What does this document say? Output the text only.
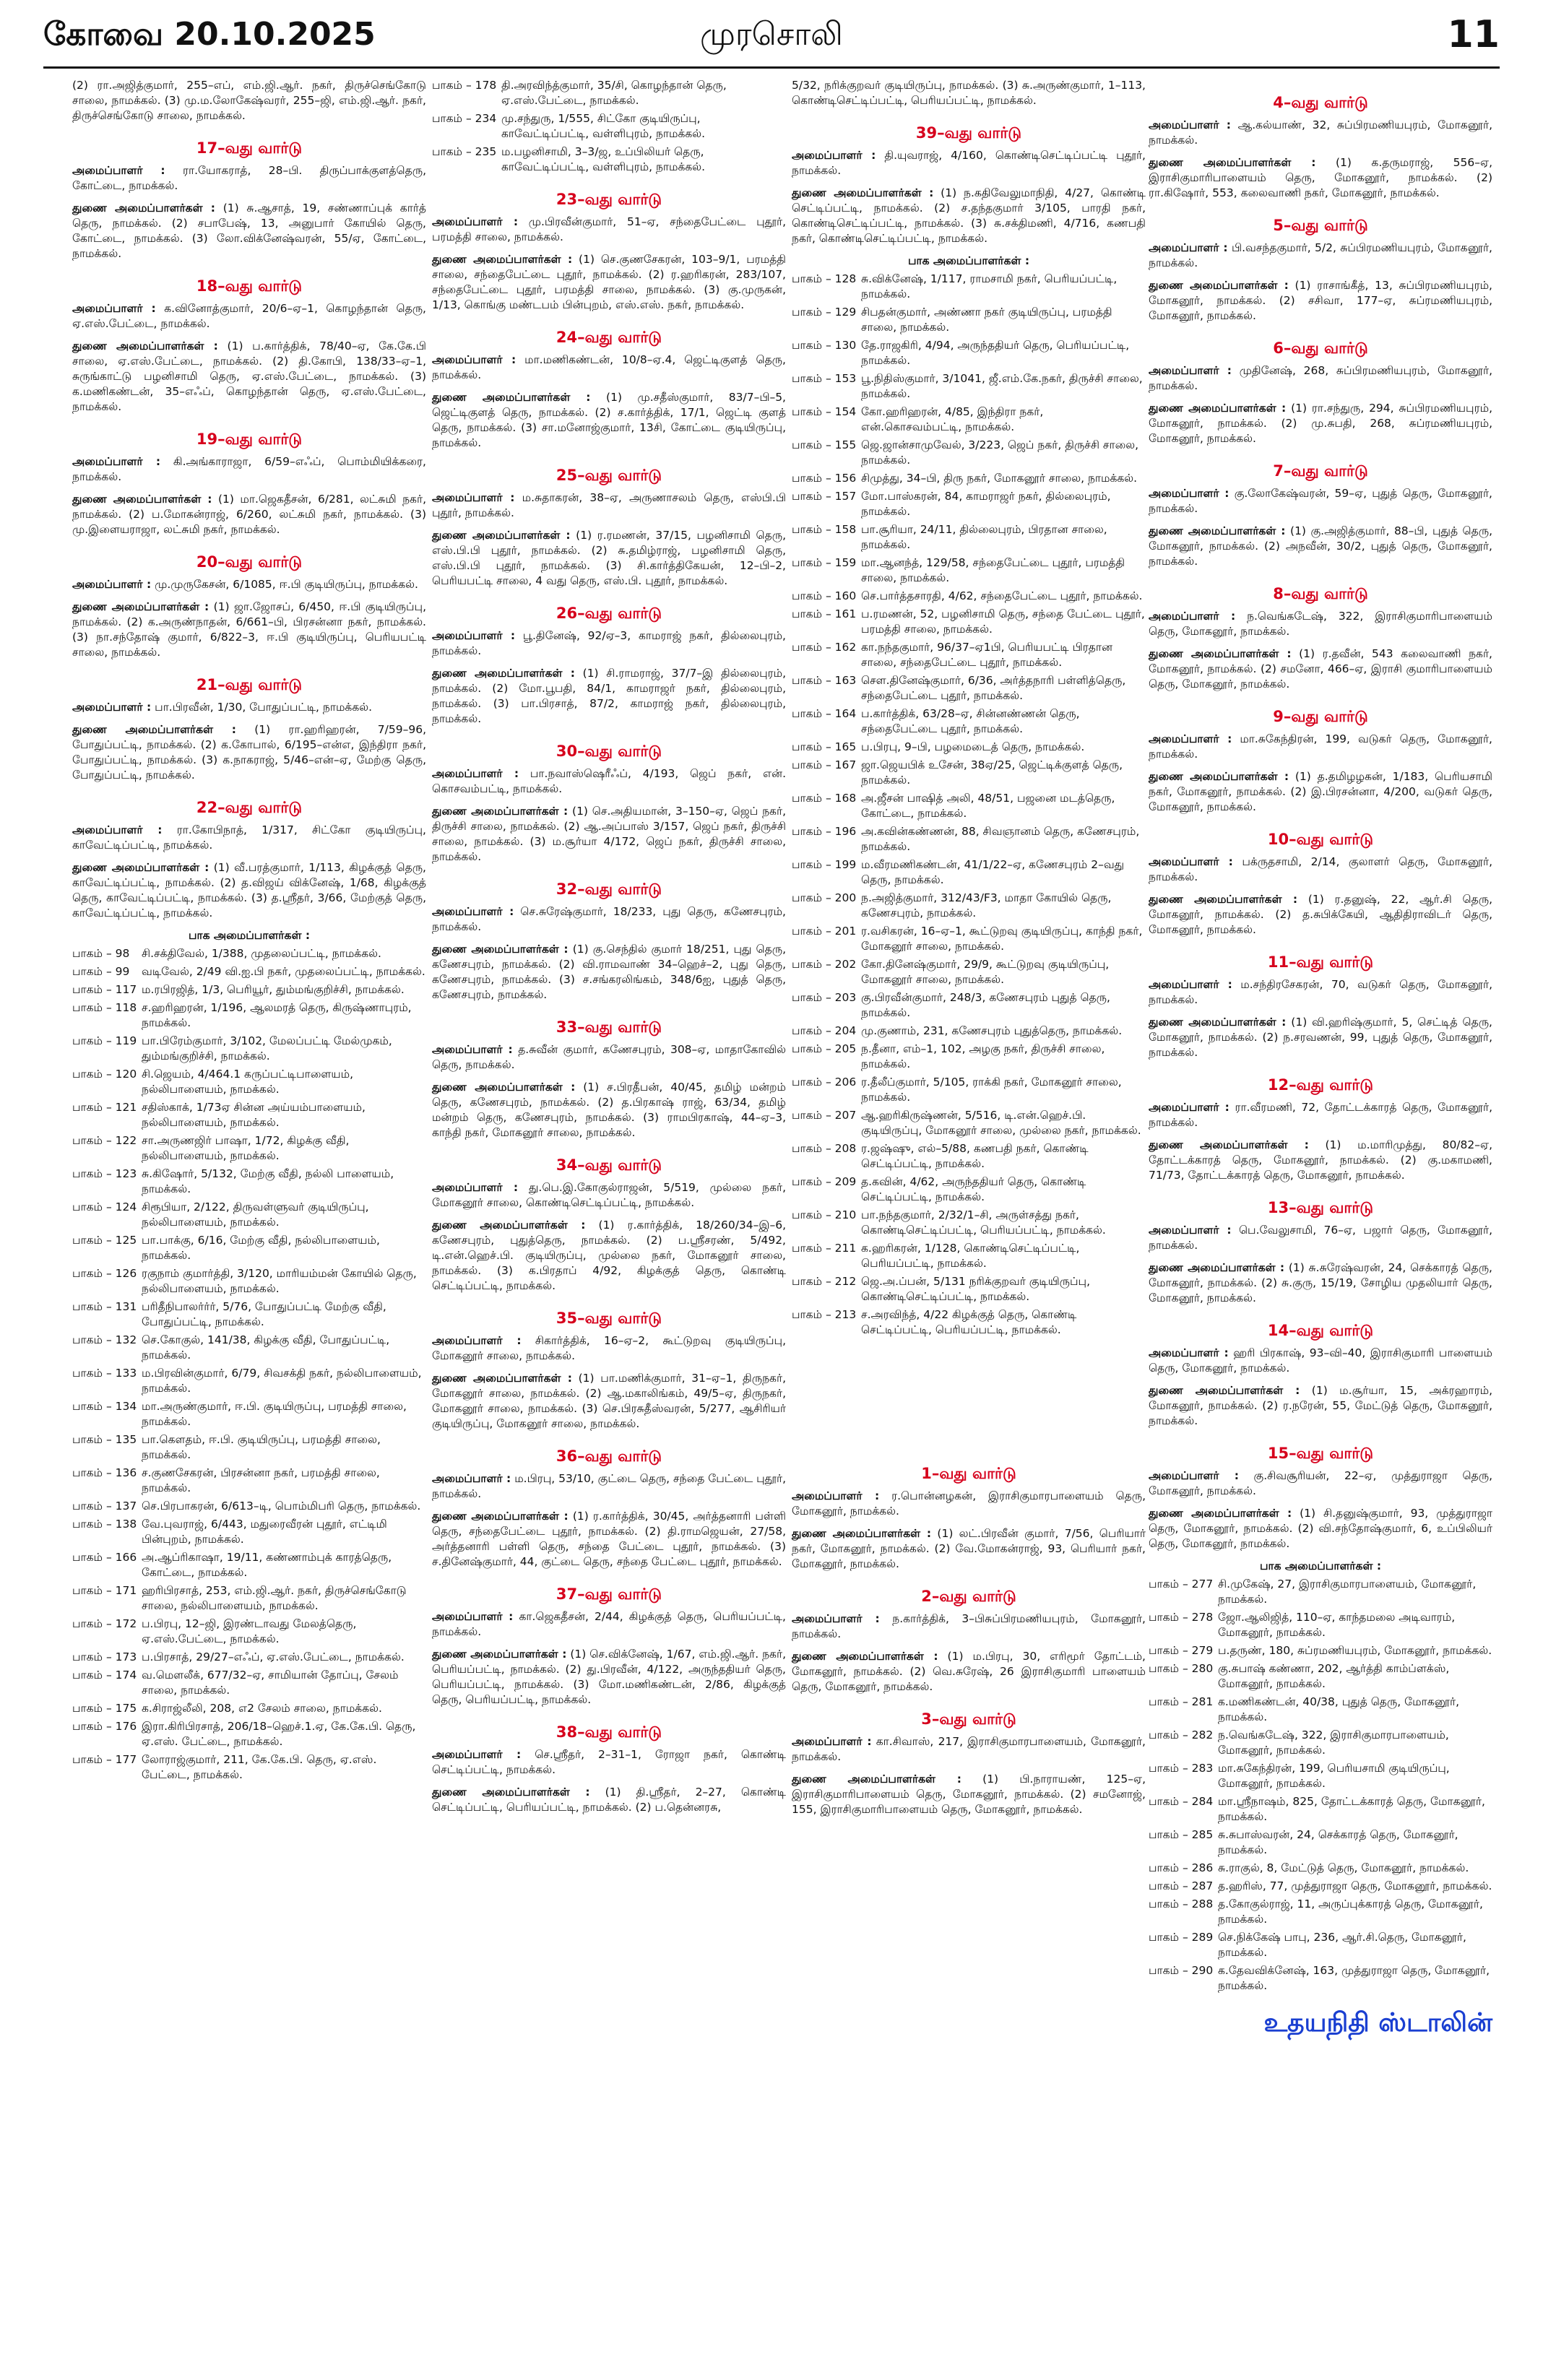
கோவை 20.10.2025	முரசொலி	11

(2) ரா.அஜித்குமார், 255–எப், எம்.ஜி.ஆர். நகர், திருச்செங்கோடு சாலை, நாமக்கல். (3) மு.ம.லோகேஷ்வரர், 255–ஜி, எம்.ஜி.ஆர். நகர், திருச்செங்கோடு சாலை, நாமக்கல்.

17–வது வார்டு

அமைப்பாளர் : ரா.யோகராத், 28–பி. திருப்பாக்குளத்தெரு, கோட்டை, நாமக்கல்.

துணை அமைப்பாளர்கள் : (1) சு.ஆசாத், 19, சண்ணாப்புக் கார்த் தெரு, நாமக்கல். (2) சபாபேஷ், 13, அனுபார் கோயில் தெரு, கோட்டை, நாமக்கல். (3) லோ.விக்னேஷ்வரன், 55/ஏ, கோட்டை, நாமக்கல்.

18–வது வார்டு

அமைப்பாளர் : க.வினோத்குமார், 20/6–ஏ–1, கொழந்தான் தெரு, ஏ.எஸ்.பேட்டை, நாமக்கல்.

துணை அமைப்பாளர்கள் : (1) ப.கார்த்திக், 78/40–ஏ, கே.கே.பி சாலை, ஏ.எஸ்.பேட்டை, நாமக்கல். (2) தி.கோபி, 138/33–ஏ–1, சுருங்காட்டு பழனிசாமி தெரு, ஏ.எஸ்.பேட்டை, நாமக்கல். (3) க.மணிகண்டன், 35–எஃப், கொழந்தான் தெரு, ஏ.எஸ்.பேட்டை, நாமக்கல்.

19–வது வார்டு

அமைப்பாளர் : கி.அங்காராஜா, 6/59–எஃப், பொம்மியிக்கரை, நாமக்கல்.

துணை அமைப்பாளர்கள் : (1) மா.ஜெகதீசன், 6/281, லட்சுமி நகர், நாமக்கல். (2) ப.மோகன்ராஜ், 6/260, லட்சுமி நகர், நாமக்கல். (3) மு.இளையராஜா, லட்சுமி நகர், நாமக்கல்.

20–வது வார்டு

அமைப்பாளர் : மு.முருகேசன், 6/1085, ஈ.பி குடியிருப்பு, நாமக்கல்.

துணை அமைப்பாளர்கள் : (1) ஜா.ஜோசப், 6/450, ஈ.பி குடியிருப்பு, நாமக்கல். (2) க.அருண்நாதன், 6/661–பி, பிரசன்னா நகர், நாமக்கல். (3) நா.சந்தோஷ் குமார், 6/822–3, ஈ.பி குடியிருப்பு, பெரியபட்டி சாலை, நாமக்கல்.

21–வது வார்டு

அமைப்பாளர் : பா.பிரவீன், 1/30, போதுப்பட்டி, நாமக்கல்.

துணை அமைப்பாளர்கள் : (1) ரா.ஹரிஹரன், 7/59–96, போதுப்பட்டி, நாமக்கல். (2) க.கோபால், 6/195–என்எ, இந்திரா நகர், போதுப்பட்டி, நாமக்கல். (3) க.நாகராஜ், 5/46–என்–ஏ, மேற்கு தெரு, போதுப்பட்டி, நாமக்கல்.

22–வது வார்டு

அமைப்பாளர் : ரா.கோபிநாத், 1/317, சிட்கோ குடியிருப்பு, காவேட்டிப்பட்டி, நாமக்கல்.

துணை அமைப்பாளர்கள் : (1) வீ.பரத்குமார், 1/113, கிழக்குத் தெரு, காவேட்டிப்பட்டி, நாமக்கல். (2) த.விஜய் விக்னேஷ், 1/68, கிழக்குத் தெரு, காவேட்டிப்பட்டி, நாமக்கல். (3) த.ஸ்ரீதர், 3/66, மேற்குத் தெரு, காவேட்டிப்பட்டி, நாமக்கல்.

பாக அமைப்பாளர்கள் :
பாகம் – 98	சி.சக்திவேல், 1/388, முதலைப்பட்டி, நாமக்கல்.
பாகம் – 99	வடிவேல், 2/49 வி.ஐ.பி நகர், முதலைப்பட்டி, நாமக்கல்.
பாகம் – 117 ம.ரபிரஜித், 1/3, பெரியூர், தும்மங்குறிச்சி, நாமக்கல்.
பாகம் – 118 ச.ஹரிஹரன், 1/196, ஆலமரத் தெரு, கிருஷ்ணாபுரம், நாமக்கல்.
பாகம் – 119 பா.பிரேம்குமார், 3/102, மேலப்பட்டி மேல்முகம், தும்மங்குறிச்சி, நாமக்கல்.
பாகம் – 120 சி.ஜெயம், 4/464.1 கருப்பட்டிபாளையம், நல்லிபாளையம், நாமக்கல்.
பாகம் – 121 சதிஸ்காக், 1/73ஏ சின்ன அய்யம்பாளையம், நல்லிபாளையம், நாமக்கல்.
பாகம் – 122 சா.அருணஜிர் பாஷா, 1/72, கிழக்கு வீதி, நல்லிபாளையம், நாமக்கல்.
பாகம் – 123 சு.கிஷோர், 5/132, மேற்கு வீதி, நல்லி பாளையம், நாமக்கல்.
பாகம் – 124 சிரூபியா, 2/122, திருவள்ளுவர் குடியிருப்பு, நல்லிபாளையம், நாமக்கல்.
பாகம் – 125 பா.பாக்கு, 6/16, மேற்கு வீதி, நல்லிபாளையம், நாமக்கல்.
பாகம் – 126 ரகுநாம் குமார்த்தி, 3/120, மாரியம்மன் கோயில் தெரு, நல்லிபாளையம், நாமக்கல்.
பாகம் – 131 பரிதீநிபாலர்ர்ர், 5/76, போதுப்பட்டி மேற்கு வீதி, போதுப்பட்டி, நாமக்கல்.
பாகம் – 132 செ.கோகுல், 141/38, கிழக்கு வீதி, போதுப்பட்டி, நாமக்கல்.
பாகம் – 133 ம.பிரவின்குமார், 6/79, சிவசக்தி நகர், நல்லிபாளையம், நாமக்கல்.
பாகம் – 134 மா.அருண்குமார், ஈ.பி. குடியிருப்பு, பரமத்தி சாலை, நாமக்கல்.
பாகம் – 135 பா.கௌதம், ஈ.பி. குடியிருப்பு, பரமத்தி சாலை, நாமக்கல்.
பாகம் – 136 ச.குணசேகரன், பிரசன்னா நகர், பரமத்தி சாலை, நாமக்கல்.
பாகம் – 137 செ.பிரபாகரன், 6/613–டி, பொம்மிபரி தெரு, நாமக்கல்.
பாகம் – 138 வே.புவராஜ், 6/443, மதுரைவீரன் புதூர், எட்டிமி பின்புறம், நாமக்கல்.
பாகம் – 166 அ.ஆப்ரிகாஷா, 19/11, கண்ணாம்புக் காரத்தெரு, கோட்டை, நாமக்கல்.
பாகம் – 171 ஹரிபிரசாத், 253, எம்.ஜி.ஆர். நகர், திருச்செங்கோடு சாலை, நல்லிபாளையம், நாமக்கல்.
பாகம் – 172 ப.பிரபு, 12–ஜி, இரண்டாவது மேலத்தெரு, ஏ.எஸ்.பேட்டை, நாமக்கல்.
பாகம் – 173 ப.பிரசாத், 29/27–எஃப், ஏ.எஸ்.பேட்டை, நாமக்கல்.
பாகம் – 174 வ.மௌலீக், 677/32–ஏ, சாமியான் தோப்பு, சேலம் சாலை, நாமக்கல்.
பாகம் – 175 க.சிராஜ்லீலி, 208, எ2 சேலம் சாலை, நாமக்கல்.
பாகம் – 176 இரா.கிரிபிரசாத், 206/18–ஹெச்.1.ஏ, கே.கே.பி. தெரு, ஏ.எஸ். பேட்டை, நாமக்கல்.
பாகம் – 177 லோராஜ்குமார், 211, கே.கே.பி. தெரு, ஏ.எஸ். பேட்டை, நாமக்கல்.
பாகம் – 178 தி.அரவிந்த்குமார், 35/சி, கொழந்தான் தெரு, ஏ.எஸ்.பேட்டை, நாமக்கல்.
பாகம் – 234 மு.சந்துரு, 1/555, சிட்கோ குடியிருப்பு, காவேட்டிப்பட்டி, வள்ளிபுரம், நாமக்கல்.
பாகம் – 235 ம.பழனிசாமி, 3–3/ஜ, உப்பிலியர் தெரு, காவேட்டிப்பட்டி, வள்ளிபுரம், நாமக்கல்.
23–வது வார்டு

அமைப்பாளர் : மு.பிரவீன்குமார், 51–ஏ, சந்தைபேட்டை புதூர், பரமத்தி சாலை, நாமக்கல்.

துணை அமைப்பாளர்கள் : (1) செ.குணசேகரன், 103–9/1, பரமத்தி சாலை, சந்தைபேட்டை புதூர், நாமக்கல். (2) ர.ஹரிகரன், 283/107, சந்தைபேட்டை புதூர், பரமத்தி சாலை, நாமக்கல். (3) கு.முருகன், 1/13, கொங்கு மண்டபம் பின்புறம், எஸ்.எஸ். நகர், நாமக்கல்.

24–வது வார்டு

அமைப்பாளர் : மா.மணிகண்டன், 10/8–ஏ.4, ஜெட்டிகுளத் தெரு, நாமக்கல்.

துணை அமைப்பாளர்கள் : (1) மு.சதீஸ்குமார், 83/7–பி–5, ஜெட்டிகுளத் தெரு, நாமக்கல். (2) ச.கார்த்திக், 17/1, ஜெட்டி குளத் தெரு, நாமக்கல். (3) சா.மனோஜ்குமார், 13சி, கோட்டை குடியிருப்பு, நாமக்கல்.

25–வது வார்டு

அமைப்பாளர் : ம.சுதாகரன், 38–ஏ, அருணாசலம் தெரு, எஸ்பி.பி புதூர், நாமக்கல்.

துணை அமைப்பாளர்கள் : (1) ர.ரமணன், 37/15, பழனிசாமி தெரு, எஸ்.பி.பி புதூர், நாமக்கல். (2) சு.தமிழ்ராஜ், பழனிசாமி தெரு, எஸ்.பி.பி புதூர், நாமக்கல். (3) சி.கார்த்திகேயன், 12–பி–2, பெரியபட்டி சாலை, 4 வது தெரு, எஸ்.பி. புதூர், நாமக்கல்.

26–வது வார்டு

அமைப்பாளர் : பூ.தினேஷ், 92/ஏ–3, காமராஜ் நகர், தில்லைபுரம், நாமக்கல்.

துணை அமைப்பாளர்கள் : (1) சி.ராமராஜ், 37/7–இ தில்லைபுரம், நாமக்கல். (2) மோ.பூபதி, 84/1, காமராஜர் நகர், தில்லைபுரம், நாமக்கல். (3) பா.பிரசாத், 87/2, காமராஜ் நகர், தில்லைபுரம், நாமக்கல்.

30–வது வார்டு

அமைப்பாளர் : பா.நவாஸ்ஷெரீஃப், 4/193, ஜெப் நகர், என். கொசவம்பட்டி, நாமக்கல்.

துணை அமைப்பாளர்கள் : (1) செ.அதியமான், 3–150–ஏ, ஜெப் நகர், திருச்சி சாலை, நாமக்கல். (2) ஆ.அப்பாஸ் 3/157, ஜெப் நகர், திருச்சி சாலை, நாமக்கல். (3) ம.சூர்யா 4/172, ஜெப் நகர், திருச்சி சாலை, நாமக்கல்.

32–வது வார்டு

அமைப்பாளர் : செ.சுரேஷ்குமார், 18/233, புது தெரு, கணேசபுரம், நாமக்கல்.

துணை அமைப்பாளர்கள் : (1) கு.செந்தில் குமார் 18/251, புது தெரு, கணேசபுரம், நாமக்கல். (2) வி.ராமவாண் 34–ஹெச்–2, புது தெரு, கணேசபுரம், நாமக்கல். (3) ச.சங்கரலிங்கம், 348/6ஐ, புதுத் தெரு, கணேசபுரம், நாமக்கல்.

33–வது வார்டு

அமைப்பாளர் : த.சுவீன் குமார், கணேசபுரம், 308–ஏ, மாதாகோவில் தெரு, நாமக்கல்.

துணை அமைப்பாளர்கள் : (1) ச.பிரதீபன், 40/45, தமிழ் மன்றம் தெரு, கணேசபுரம், நாமக்கல். (2) த.பிரகாஷ் ராஜ், 63/34, தமிழ் மன்றம் தெரு, கணேசபுரம், நாமக்கல். (3) ராமபிரகாஷ், 44–ஏ–3, காந்தி நகர், மோகனூர் சாலை, நாமக்கல்.

34–வது வார்டு

அமைப்பாளர் : து.பெ.இ.கோகுல்ராஜன், 5/519, முல்லை நகர், மோகனூர் சாலை, கொண்டிசெட்டிப்பட்டி, நாமக்கல்.

துணை அமைப்பாளர்கள் : (1) ர.கார்த்திக், 18/260/34–இ–6, கணேசபுரம், புதுத்தெரு, நாமக்கல். (2) ப.ஸ்ரீசரண், 5/492, டி.என்.ஹெச்.பி. குடியிருப்பு, முல்லை நகர், மோகனூர் சாலை, நாமக்கல். (3) க.பிரதாப் 4/92, கிழக்குத் தெரு, கொண்டி செட்டிப்பட்டி, நாமக்கல்.

35–வது வார்டு

அமைப்பாளர் : சிகார்த்திக், 16–ஏ–2, கூட்டுறவு குடியிருப்பு, மோகனூர் சாலை, நாமக்கல்.

துணை அமைப்பாளர்கள் : (1) பா.மணிக்குமார், 31–ஏ–1, திருநகர், மோகனூர் சாலை, நாமக்கல். (2) ஆ.மகாலிங்கம், 49/5–ஏ, திருநகர், மோகனூர் சாலை, நாமக்கல். (3) செ.பிரசுதீஸ்வரன், 5/277, ஆசிரியர் குடியிருப்பு, மோகனூர் சாலை, நாமக்கல்.

36–வது வார்டு

அமைப்பாளர் : ம.பிரபு, 53/10, குட்டை தெரு, சந்தை பேட்டை புதூர், நாமக்கல்.

துணை அமைப்பாளர்கள் : (1) ர.கார்த்திக், 30/45, அர்த்தனாரி பள்ளி தெரு, சந்தைபேட்டை புதூர், நாமக்கல். (2) தி.ராமஜெயன், 27/58, அர்த்தனாரி பள்ளி தெரு, சந்தை பேட்டை புதூர், நாமக்கல். (3) ச.தினேஷ்குமார், 44, குட்டை தெரு, சந்தை பேட்டை புதூர், நாமக்கல்.

37–வது வார்டு

அமைப்பாளர் : கா.ஜெகதீசன், 2/44, கிழக்குத் தெரு, பெரியப்பட்டி, நாமக்கல்.

துணை அமைப்பாளர்கள் : (1) செ.விக்னேஷ், 1/67, எம்.ஜி.ஆர். நகர், பெரியப்பட்டி, நாமக்கல். (2) து.பிரவீன், 4/122, அருந்ததியர் தெரு, பெரியப்பட்டி, நாமக்கல். (3) மோ.மணிகண்டன், 2/86, கிழக்குத் தெரு, பெரியப்பட்டி, நாமக்கல்.

38–வது வார்டு

அமைப்பாளர் : செ.ஸ்ரீதர், 2–31–1, ரோஜா நகர், கொண்டி செட்டிப்பட்டி, நாமக்கல்.

துணை அமைப்பாளர்கள் : (1) தி.ஸ்ரீதர், 2–27, கொண்டி செட்டிப்பட்டி, பெரியப்பட்டி, நாமக்கல். (2) ப.தென்னரசு,

5/32, நரிக்குறவர் குடியிருப்பு, நாமக்கல். (3) சு.அருண்குமார், 1–113, கொண்டிசெட்டிப்பட்டி, பெரியப்பட்டி, நாமக்கல்.

39–வது வார்டு

அமைப்பாளர் : தி.யுவராஜ், 4/160, கொண்டிசெட்டிப்பட்டி புதூர், நாமக்கல்.

துணை அமைப்பாளர்கள் : (1) ந.கதிவேலுமாநிதி, 4/27, கொண்டி செட்டிப்பட்டி, நாமக்கல். (2) ச.தந்தகுமார் 3/105, பாரதி நகர், கொண்டிசெட்டிப்பட்டி, நாமக்கல். (3) சு.சக்திமணி, 4/716, கணபதி நகர், கொண்டிசெட்டிப்பட்டி, நாமக்கல்.

பாக அமைப்பாளர்கள் :
பாகம் – 128 சு.விக்னேஷ், 1/117, ராமசாமி நகர், பெரியப்பட்டி, நாமக்கல்.
பாகம் – 129 சிபதன்குமார், அண்ணா நகர் குடியிருப்பு, பரமத்தி சாலை, நாமக்கல்.
பாகம் – 130 தே.ராஜகிரி, 4/94, அருந்ததியர் தெரு, பெரியப்பட்டி, நாமக்கல்.
பாகம் – 153 பூ.நிதிஸ்குமார், 3/1041, ஜீ.எம்.கே.நகர், திருச்சி சாலை, நாமக்கல்.
பாகம் – 154 கோ.ஹரிஹரன், 4/85, இந்திரா நகர், என்.கொசவம்பட்டி, நாமக்கல்.
பாகம் – 155 ஜெ.ஜான்சாமுவேல், 3/223, ஜெப் நகர், திருச்சி சாலை, நாமக்கல்.
பாகம் – 156 சிமுத்து, 34–பி, திரு நகர், மோகனூர் சாலை, நாமக்கல்.
பாகம் – 157 மோ.பாஸ்கரன், 84, காமராஜர் நகர், தில்லைபுரம், நாமக்கல்.
பாகம் – 158 பா.சூரியா, 24/11, தில்லைபுரம், பிரதான சாலை, நாமக்கல்.
பாகம் – 159 மா.ஆனந்த், 129/58, சந்தைபேட்டை புதூர், பரமத்தி சாலை, நாமக்கல்.
பாகம் – 160 செ.பார்த்தசாரதி, 4/62, சந்தைபேட்டை புதூர், நாமக்கல்.
பாகம் – 161 ப.ரமணன், 52, பழனிசாமி தெரு, சந்தை பேட்டை புதூர், பரமத்தி சாலை, நாமக்கல்.
பாகம் – 162 கா.நந்தகுமார், 96/37–ஏ1பி, பெரியபட்டி பிரதான சாலை, சந்தைபேட்டை புதூர், நாமக்கல்.
பாகம் – 163 சௌ.தினேஷ்குமார், 6/36, அர்த்தநாரி பள்ளித்தெரு, சந்தைபேட்டை புதூர், நாமக்கல்.
பாகம் – 164 ப.கார்த்திக், 63/28–ஏ, சின்னண்ணன் தெரு, சந்தைபேட்டை புதூர், நாமக்கல்.
பாகம் – 165 ப.பிரபு, 9–பி, பழமைடைத் தெரு, நாமக்கல்.
பாகம் – 167 ஜா.ஜெயபிக் உசேன், 38ஏ/25, ஜெட்டிக்குளத் தெரு, நாமக்கல்.
பாகம் – 168 அ.ஜீசன் பாஷித் அலி, 48/51, பஜனை மடத்தெரு, கோட்டை, நாமக்கல்.
பாகம் – 196 அ.கவின்கண்ணன், 88, சிவஞானம் தெரு, கணேசபுரம், நாமக்கல்.
பாகம் – 199 ம.வீரமணிகண்டன், 41/1/22–ஏ, கணேசபுரம் 2–வது தெரு, நாமக்கல்.
பாகம் – 200 ந.அஜித்குமார், 312/43/F3, மாதா கோயில் தெரு, கணேசபுரம், நாமக்கல்.
பாகம் – 201 ர.வசிகரன், 16–ஏ–1, கூட்டுறவு குடியிருப்பு, காந்தி நகர், மோகனூர் சாலை, நாமக்கல்.
பாகம் – 202 கோ.தினேஷ்குமார், 29/9, கூட்டுறவு குடியிருப்பு, மோகனூர் சாலை, நாமக்கல்.
பாகம் – 203 கு.பிரவீன்குமார், 248/3, கணேசபுரம் புதுத் தெரு, நாமக்கல்.
பாகம் – 204 மு.குணாம், 231, கணேசபுரம் புதுத்தெரு, நாமக்கல்.
பாகம் – 205 ந.தீனா, எம்–1, 102, அழகு நகர், திருச்சி சாலை, நாமக்கல்.
பாகம் – 206 ர.தீலீப்குமார், 5/105, ராக்கி நகர், மோகனூர் சாலை, நாமக்கல்.
பாகம் – 207 ஆ.ஹரிகிருஷ்ணன், 5/516, டி.என்.ஹெச்.பி. குடியிருப்பு, மோகனூர் சாலை, முல்லை நகர், நாமக்கல்.
பாகம் – 208 ர.ஜஷ்ஷு, எல்–5/88, கணபதி நகர், கொண்டி செட்டிப்பட்டி, நாமக்கல்.
பாகம் – 209 த.கவின், 4/62, அருந்ததியர் தெரு, கொண்டி செட்டிப்பட்டி, நாமக்கல்.
பாகம் – 210 பா.நந்தகுமார், 2/32/1–சி, அருள்சத்து நகர், கொண்டிசெட்டிப்பட்டி, பெரியப்பட்டி, நாமக்கல்.
பாகம் – 211 க.ஹரிகரன், 1/128, கொண்டிசெட்டிப்பட்டி, பெரியப்பட்டி, நாமக்கல்.
பாகம் – 212 ஜெ.அ.ப்பன், 5/131 நரிக்குறவர் குடியிருப்பு, கொண்டிசெட்டிப்பட்டி, நாமக்கல்.
பாகம் – 213 ச.அரவிந்த், 4/22 கிழக்குத் தெரு, கொண்டி செட்டிப்பட்டி, பெரியப்பட்டி, நாமக்கல்.
1–வது வார்டு

அமைப்பாளர் : ர.பொன்னழகன், இராசிகுமாரபாளையம் தெரு, மோகனூர், நாமக்கல்.

துணை அமைப்பாளர்கள் : (1) லட்.பிரவீன் குமார், 7/56, பெரியார் நகர், மோகனூர், நாமக்கல். (2) வே.மோகன்ராஜ், 93, பெரியார் நகர், மோகனூர், நாமக்கல்.

2–வது வார்டு

அமைப்பாளர் : ந.கார்த்திக், 3–பிசுப்பிரமணியபுரம், மோகனூர், நாமக்கல்.

துணை அமைப்பாளர்கள் : (1) ம.பிரபு, 30, எரிமூர் தோட்டம், மோகனூர், நாமக்கல். (2) வெ.சுரேஷ், 26 இராசிகுமாரி பாளையம் தெரு, மோகனூர், நாமக்கல்.

3–வது வார்டு

அமைப்பாளர் : கா.சிவாஸ், 217, இராசிகுமாரபாளையம், மோகனூர், நாமக்கல்.

துணை அமைப்பாளர்கள் : (1) பி.நாராயண், 125–ஏ, இராசிகுமாரிபாளையம் தெரு, மோகனூர், நாமக்கல். (2) சமனோஜ், 155, இராசிகுமாரிபாளையம் தெரு, மோகனூர், நாமக்கல்.

4–வது வார்டு

அமைப்பாளர் : ஆ.கல்யாண், 32, சுப்பிரமணியபுரம், மோகனூர், நாமக்கல்.

துணை அமைப்பாளர்கள் : (1) க.தருமராஜ், 556–ஏ, இராசிகுமாரிபாளையம் தெரு, மோகனூர், நாமக்கல். (2) ரா.கிஷோர், 553, கலைவாணி நகர், மோகனூர், நாமக்கல்.

5–வது வார்டு

அமைப்பாளர் : பி.வசந்தகுமார், 5/2, சுப்பிரமணியபுரம், மோகனூர், நாமக்கல்.

துணை அமைப்பாளர்கள் : (1) ராசாங்கீத், 13, சுப்பிரமணியபுரம், மோகனூர், நாமக்கல். (2) சசிவா, 177–ஏ, சுப்ரமணியபுரம், மோகனூர், நாமக்கல்.

6–வது வார்டு

அமைப்பாளர் : முதினேஷ், 268, சுப்பிரமணியபுரம், மோகனூர், நாமக்கல்.

துணை அமைப்பாளர்கள் : (1) ரா.சந்துரு, 294, சுப்பிரமணியபுரம், மோகனூர், நாமக்கல். (2) மு.சுபதி, 268, சுப்ரமணியபுரம், மோகனூர், நாமக்கல்.

7–வது வார்டு

அமைப்பாளர் : கு.லோகேஷ்வரன், 59–ஏ, புதுத் தெரு, மோகனூர், நாமக்கல்.

துணை அமைப்பாளர்கள் : (1) கு.அஜித்குமார், 88–பி, புதுத் தெரு, மோகனூர், நாமக்கல். (2) அநவீன், 30/2, புதுத் தெரு, மோகனூர், நாமக்கல்.

8–வது வார்டு

அமைப்பாளர் : ந.வெங்கடேஷ், 322, இராசிகுமாரிபாளையம் தெரு, மோகனூர், நாமக்கல்.

துணை அமைப்பாளர்கள் : (1) ர.தவீன், 543 கலைவாணி நகர், மோகனூர், நாமக்கல். (2) சமனோ, 466–ஏ, இராசி குமாரிபாளையம் தெரு, மோகனூர், நாமக்கல்.

9–வது வார்டு

அமைப்பாளர் : மா.சுகேந்திரன், 199, வடுகர் தெரு, மோகனூர், நாமக்கல்.

துணை அமைப்பாளர்கள் : (1) த.தமிழழகன், 1/183, பெரியசாமி நகர், மோகனூர், நாமக்கல். (2) இ.பிரசன்னா, 4/200, வடுகர் தெரு, மோகனூர், நாமக்கல்.

10–வது வார்டு

அமைப்பாளர் : பக்ருதசாமி, 2/14, குலாளர் தெரு, மோகனூர், நாமக்கல்.

துணை அமைப்பாளர்கள் : (1) ர.தனுஷ், 22, ஆர்.சி தெரு, மோகனூர், நாமக்கல். (2) த.சுபிக்கேயி, ஆதிதிராவிடர் தெரு, மோகனூர், நாமக்கல்.

11–வது வார்டு

அமைப்பாளர் : ம.சந்திரசேகரன், 70, வடுகர் தெரு, மோகனூர், நாமக்கல்.

துணை அமைப்பாளர்கள் : (1) வி.ஹரிஷ்குமார், 5, செட்டித் தெரு, மோகனூர், நாமக்கல். (2) ந.சரவணன், 99, புதுத் தெரு, மோகனூர், நாமக்கல்.

12–வது வார்டு

அமைப்பாளர் : ரா.வீரமணி, 72, தோட்டக்காரத் தெரு, மோகனூர், நாமக்கல்.

துணை அமைப்பாளர்கள் : (1) ம.மாரிமுத்து, 80/82–ஏ, தோட்டக்காரத் தெரு, மோகனூர், நாமக்கல். (2) கு.மகாமணி, 71/73, தோட்டக்காரத் தெரு, மோகனூர், நாமக்கல்.

13–வது வார்டு

அமைப்பாளர் : பெ.வேலுசாமி, 76–ஏ, பஜார் தெரு, மோகனூர், நாமக்கல்.

துணை அமைப்பாளர்கள் : (1) சு.சுரேஷ்வரன், 24, செக்காரத் தெரு, மோகனூர், நாமக்கல். (2) சு.குரு, 15/19, சோழிய முதலியார் தெரு, மோகனூர், நாமக்கல்.

14–வது வார்டு

அமைப்பாளர் : ஹரி பிரகாஷ், 93–வி–40, இராசிகுமாரி பாளையம் தெரு, மோகனூர், நாமக்கல்.

துணை அமைப்பாளர்கள் : (1) ம.சூர்யா, 15, அக்ரஹாரம், மோகனூர், நாமக்கல். (2) ர.நரேன், 55, மேட்டுத் தெரு, மோகனூர், நாமக்கல்.

15–வது வார்டு

அமைப்பாளர் : கு.சிவசூரியன், 22–ஏ, முத்துராஜா தெரு, மோகனூர், நாமக்கல்.

துணை அமைப்பாளர்கள் : (1) சி.தனுஷ்குமார், 93, முத்துராஜா தெரு, மோகனூர், நாமக்கல். (2) வி.சந்தோஷ்குமார், 6, உப்பிலியர் தெரு, மோகனூர், நாமக்கல்.

பாக அமைப்பாளர்கள் :
பாகம் – 277 சி.முகேஷ், 27, இராசிகுமாரபாளையம், மோகனூர், நாமக்கல்.
பாகம் – 278 ஜோ.ஆலிஜித், 110–ஏ, காந்தமலை அடிவாரம், மோகனூர், நாமக்கல்.
பாகம் – 279 ப.தருண், 180, சுப்ரமணியபுரம், மோகனூர், நாமக்கல்.
பாகம் – 280 கு.சுபாஷ் கண்ணா, 202, ஆர்த்தி காம்ப்ளக்ஸ், மோகனூர், நாமக்கல்.
பாகம் – 281 க.மணிகண்டன், 40/38, புதுத் தெரு, மோகனூர், நாமக்கல்.
பாகம் – 282 ந.வெங்கடேஷ், 322, இராசிகுமாரபாளையம், மோகனூர், நாமக்கல்.
பாகம் – 283 மா.சுகேந்திரன், 199, பெரியசாமி குடியிருப்பு, மோகனூர், நாமக்கல்.
பாகம் – 284 மா.ஸ்ரீநாஷம், 825, தோட்டக்காரத் தெரு, மோகனூர், நாமக்கல்.
பாகம் – 285 சு.சுபாஸ்வரன், 24, செக்காரத் தெரு, மோகனூர், நாமக்கல்.
பாகம் – 286 சு.ராகுல், 8, மேட்டுத் தெரு, மோகனூர், நாமக்கல்.
பாகம் – 287 த.ஹரிஸ், 77, முத்துராஜா தெரு, மோகனூர், நாமக்கல்.
பாகம் – 288 த.கோகுல்ராஜ், 11, அருப்புக்காரத் தெரு, மோகனூர், நாமக்கல்.
பாகம் – 289 செ.நிக்கேஷ் பாபு, 236, ஆர்.சி.தெரு, மோகனூர், நாமக்கல்.
பாகம் – 290 க.தேவவிக்னேஷ், 163, முத்துராஜா தெரு, மோகனூர், நாமக்கல்.
உதயநிதி ஸ்டாலின்
